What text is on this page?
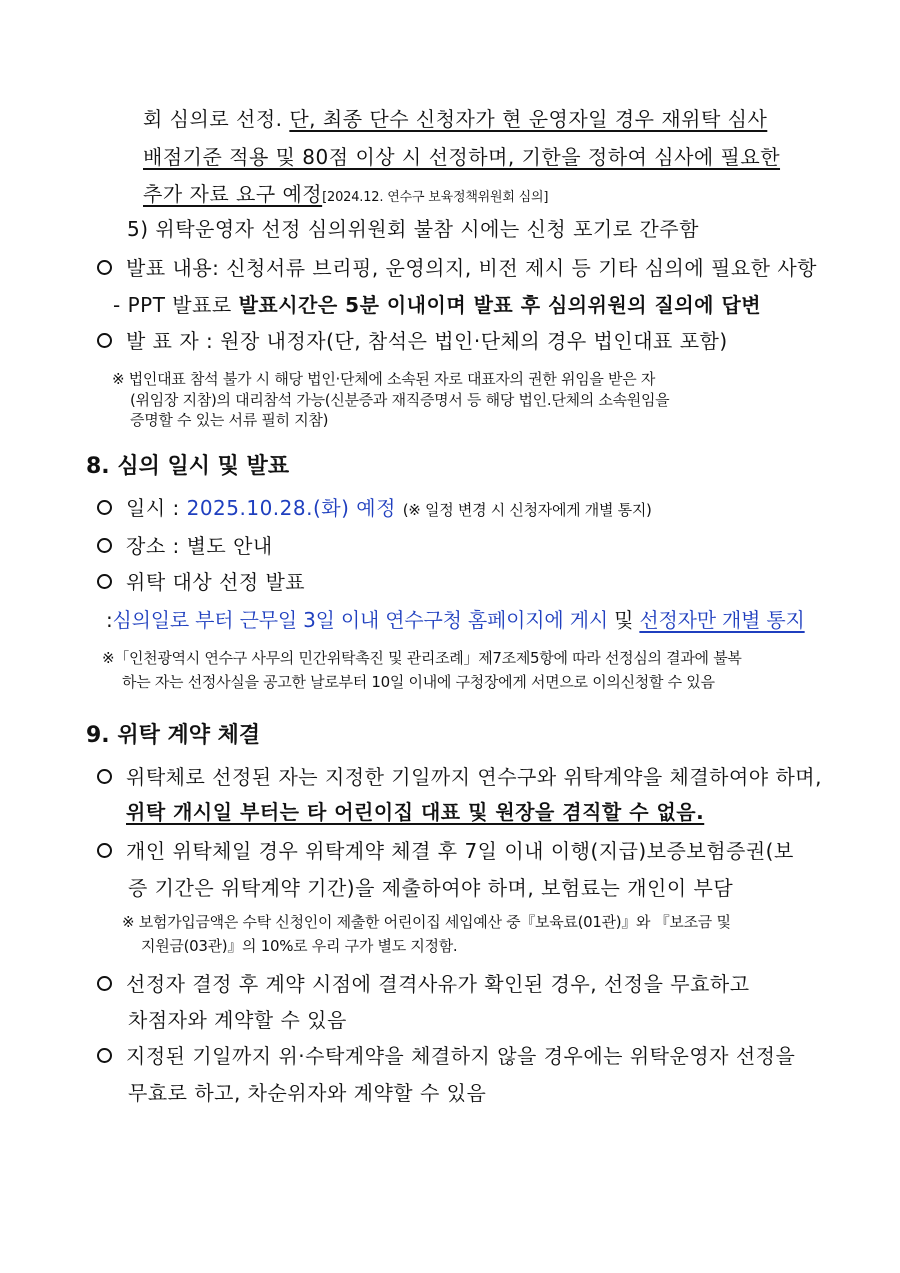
회 심의로 선정. 단, 최종 단수 신청자가 현 운영자일 경우 재위탁 심사
배점기준 적용 및 80점 이상 시 선정하며, 기한을 정하여 심사에 필요한
추가 자료 요구 예정[2024.12. 연수구 보육정책위원회 심의]
5) 위탁운영자 선정 심의위원회 불참 시에는 신청 포기로 간주함
발표 내용: 신청서류 브리핑, 운영의지, 비전 제시 등 기타 심의에 필요한 사항
- PPT 발표로 발표시간은 5분 이내이며 발표 후 심의위원의 질의에 답변
발 표 자 : 원장 내정자(단, 참석은 법인·단체의 경우 법인대표 포함)
※ 법인대표 참석 불가 시 해당 법인·단체에 소속된 자로 대표자의 권한 위임을 받은 자
(위임장 지참)의 대리참석 가능(신분증과 재직증명서 등 해당 법인.단체의 소속원임을
증명할 수 있는 서류 필히 지참)
8. 심의 일시 및 발표
일시 : 2025.10.28.(화) 예정 (※ 일정 변경 시 신청자에게 개별 통지)
장소 : 별도 안내
위탁 대상 선정 발표
:심의일로 부터 근무일 3일 이내 연수구청 홈페이지에 게시 및 선정자만 개별 통지
※「인천광역시 연수구 사무의 민간위탁촉진 및 관리조례」제7조제5항에 따라 선정심의 결과에 불복
하는 자는 선정사실을 공고한 날로부터 10일 이내에 구청장에게 서면으로 이의신청할 수 있음
9. 위탁 계약 체결
위탁체로 선정된 자는 지정한 기일까지 연수구와 위탁계약을 체결하여야 하며,
위탁 개시일 부터는 타 어린이집 대표 및 원장을 겸직할 수 없음.
개인 위탁체일 경우 위탁계약 체결 후 7일 이내 이행(지급)보증보험증권(보
증 기간은 위탁계약 기간)을 제출하여야 하며, 보험료는 개인이 부담
※ 보험가입금액은 수탁 신청인이 제출한 어린이집 세입예산 중『보육료(01관)』와 『보조금 및
지원금(03관)』의 10%로 우리 구가 별도 지정함.
선정자 결정 후 계약 시점에 결격사유가 확인된 경우, 선정을 무효하고
차점자와 계약할 수 있음
지정된 기일까지 위·수탁계약을 체결하지 않을 경우에는 위탁운영자 선정을
무효로 하고, 차순위자와 계약할 수 있음
